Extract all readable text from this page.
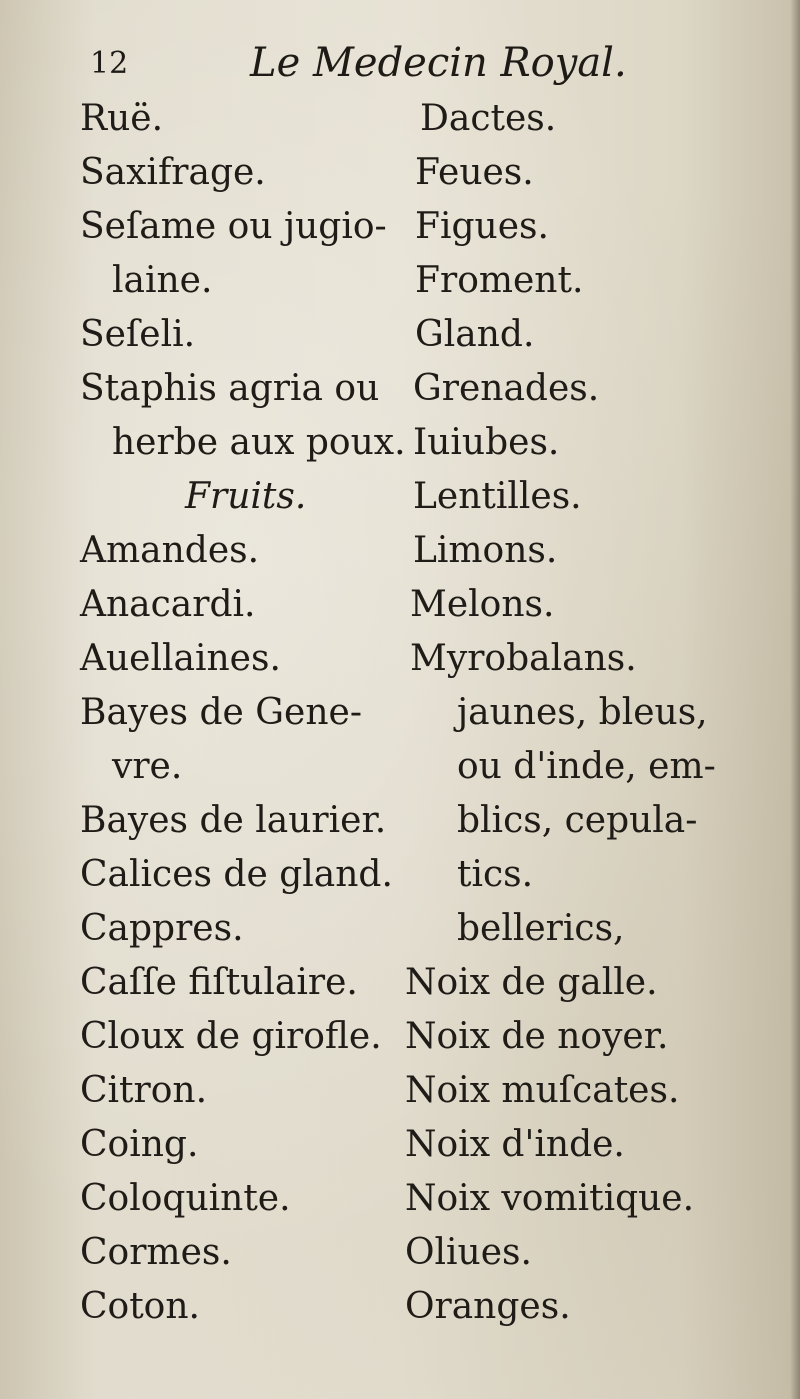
12	Le Medecin Royal.
Ruë.
Saxifrage.
Seſame ou jugio-
laine.
Seſeli.
Staphis agria ou
herbe aux poux.
Fruits.
Amandes.
Anacardi.
Auellaines.
Bayes de Gene-
vre.
Bayes de laurier.
Calices de gland.
Cappres.
Caſſe fiſtulaire.
Cloux de girofle.
Citron.
Coing.
Coloquinte.
Cormes.
Coton.
Dactes.
Feues.
Figues.
Froment.
Gland.
Grenades.
Iuiubes.
Lentilles.
Limons.
Melons.
Myrobalans.
jaunes, bleus,
ou d'inde, em-
blics, cepula-
tics.
bellerics,
Noix de galle.
Noix de noyer.
Noix muſcates.
Noix d'inde.
Noix vomitique.
Oliues.
Oranges.
